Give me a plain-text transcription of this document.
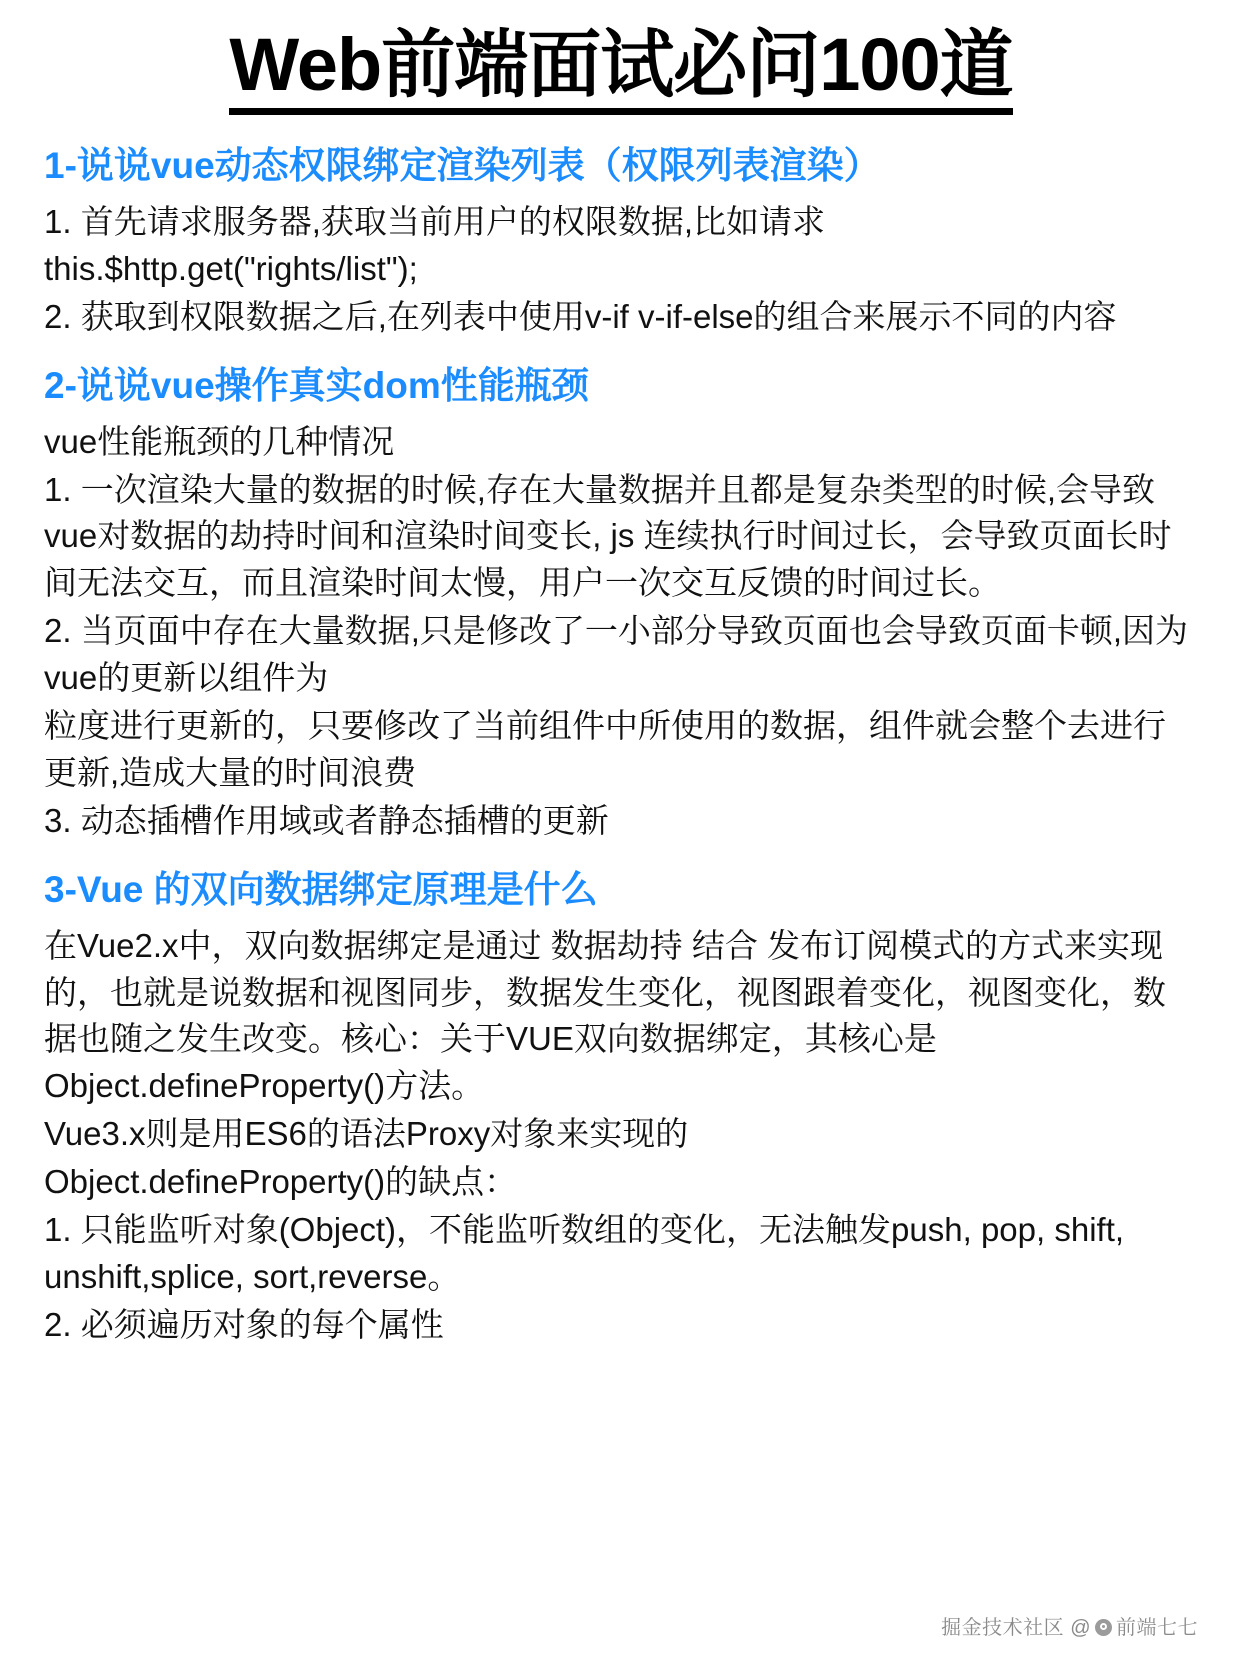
Web前端面试必问100道
1-说说vue动态权限绑定渲染列表（权限列表渲染）

1. 首先请求服务器,获取当前用户的权限数据,比如请求 this.$http.get("rights/list");

2. 获取到权限数据之后,在列表中使用v-if v-if-else的组合来展示不同的内容

2-说说vue操作真实dom性能瓶颈

vue性能瓶颈的几种情况

1. 一次渲染大量的数据的时候,存在大量数据并且都是复杂类型的时候,会导致vue对数据的劫持时间和渲染时间变长, js 连续执行时间过长，会导致页面长时间无法交互，而且渲染时间太慢，用户一次交互反馈的时间过长。

2. 当页面中存在大量数据,只是修改了一小部分导致页面也会导致页面卡顿,因为vue的更新以组件为

粒度进行更新的，只要修改了当前组件中所使用的数据，组件就会整个去进行更新,造成大量的时间浪费

3. 动态插槽作用域或者静态插槽的更新

3-Vue 的双向数据绑定原理是什么

在Vue2.x中，双向数据绑定是通过 数据劫持 结合 发布订阅模式的方式来实现的，也就是说数据和视图同步，数据发生变化，视图跟着变化，视图变化，数据也随之发生改变。核心：关于VUE双向数据绑定，其核心是 Object.defineProperty()方法。

Vue3.x则是用ES6的语法Proxy对象来实现的

Object.defineProperty()的缺点：

1. 只能监听对象(Object)，不能监听数组的变化，无法触发push, pop, shift, unshift,splice, sort,reverse。

2. 必须遍历对象的每个属性

掘金技术社区 @ 前端七七
